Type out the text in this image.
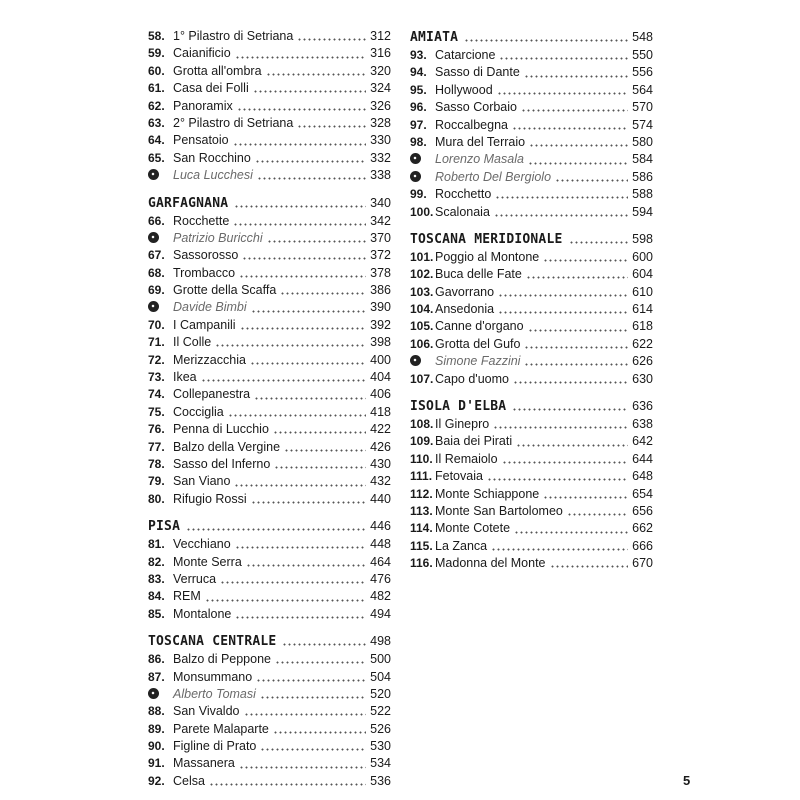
58. 1° Pilastro di Setriana	312
59. Caianificio	316
60. Grotta all'ombra	320
61. Casa dei Folli	324
62. Panoramix	326
63. 2° Pilastro di Setriana	328
64. Pensatoio	330
65. San Rocchino	332
Luca Lucchesi	338
GARFAGNANA	340
66. Rocchette	342
Patrizio Buricchi	370
67. Sassorosso	372
68. Trombacco	378
69. Grotte della Scaffa	386
Davide Bimbi	390
70. I Campanili	392
71. Il Colle	398
72. Merizzacchia	400
73. Ikea	404
74. Collepanestra	406
75. Cocciglia	418
76. Penna di Lucchio	422
77. Balzo della Vergine	426
78. Sasso del Inferno	430
79. San Viano	432
80. Rifugio Rossi	440
PISA	446
81. Vecchiano	448
82. Monte Serra	464
83. Verruca	476
84. REM	482
85. Montalone	494
TOSCANA CENTRALE	498
86. Balzo di Peppone	500
87. Monsummano	504
Alberto Tomasi	520
88. San Vivaldo	522
89. Parete Malaparte	526
90. Figline di Prato	530
91. Massanera	534
92. Celsa	536
AMIATA	548
93. Catarcione	550
94. Sasso di Dante	556
95. Hollywood	564
96. Sasso Corbaio	570
97. Roccalbegna	574
98. Mura del Terraio	580
Lorenzo Masala	584
Roberto Del Bergiolo	586
99. Rocchetto	588
100. Scalonaia	594
TOSCANA MERIDIONALE	598
101. Poggio al Montone	600
102. Buca delle Fate	604
103. Gavorrano	610
104. Ansedonia	614
105. Canne d'organo	618
106. Grotta del Gufo	622
Simone Fazzini	626
107. Capo d'uomo	630
ISOLA D'ELBA	636
108. Il Ginepro	638
109. Baia dei Pirati	642
110. Il Remaiolo	644
111. Fetovaia	648
112. Monte Schiappone	654
113. Monte San Bartolomeo	656
114. Monte Cotete	662
115. La Zanca	666
116. Madonna del Monte	670
5
